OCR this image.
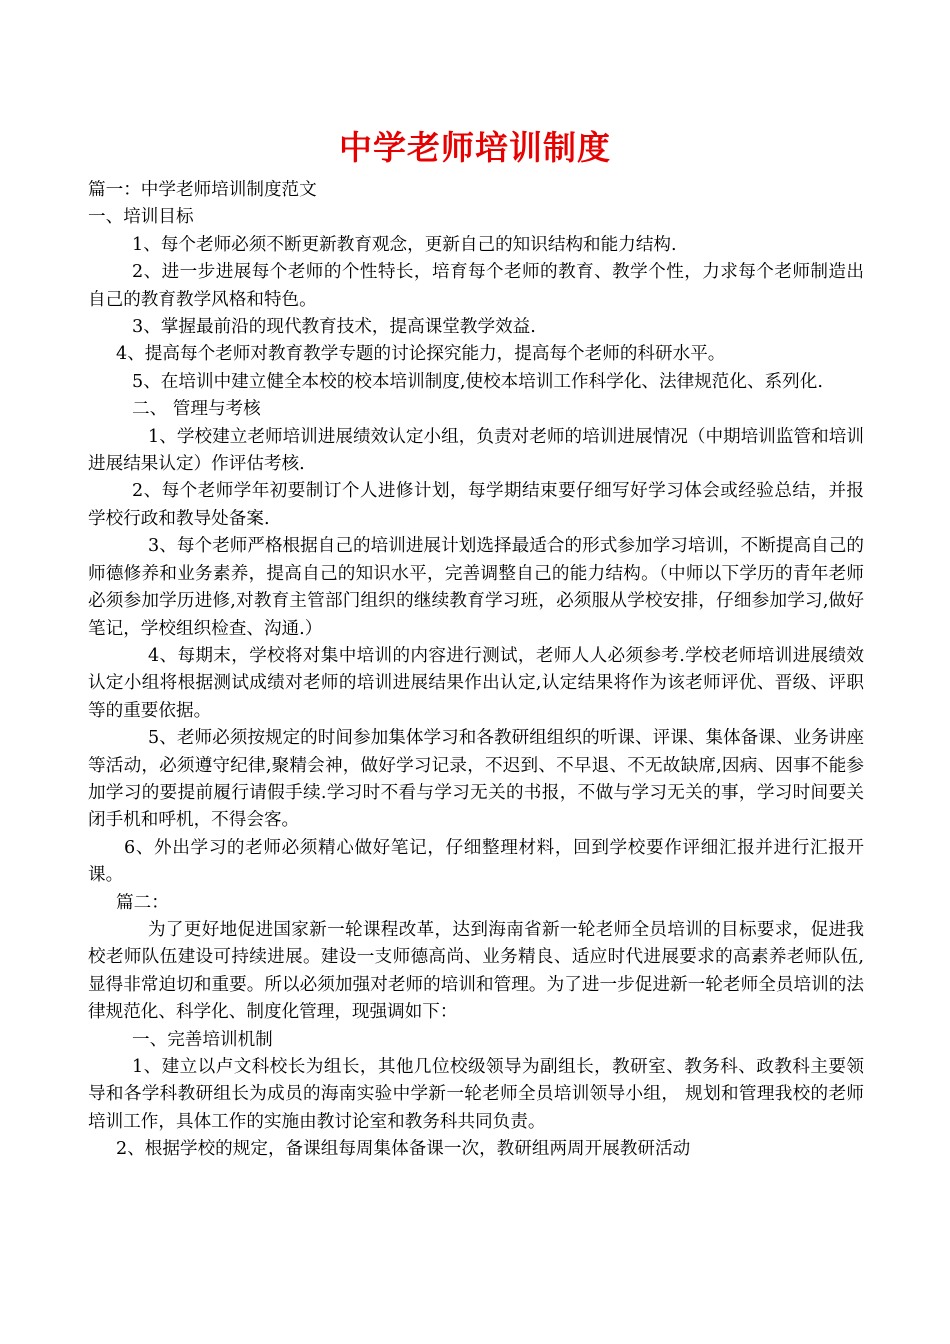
中学老师培训制度

篇一：中学老师培训制度范文

一、培训目标

1、每个老师必须不断更新教育观念，更新自己的知识结构和能力结构.

2、进一步进展每个老师的个性特长，培育每个老师的教育、教学个性，力求每个老师制造出自己的教育教学风格和特色。

3、掌握最前沿的现代教育技术，提高课堂教学效益.

4、提高每个老师对教育教学专题的讨论探究能力，提高每个老师的科研水平。

5、在培训中建立健全本校的校本培训制度,使校本培训工作科学化、法律规范化、系列化.

二、 管理与考核

1、学校建立老师培训进展绩效认定小组，负责对老师的培训进展情况（中期培训监管和培训进展结果认定）作评估考核.

2、每个老师学年初要制订个人进修计划，每学期结束要仔细写好学习体会或经验总结，并报学校行政和教导处备案.

3、每个老师严格根据自己的培训进展计划选择最适合的形式参加学习培训，不断提高自己的师德修养和业务素养，提高自己的知识水平，完善调整自己的能力结构。（中师以下学历的青年老师必须参加学历进修,对教育主管部门组织的继续教育学习班，必须服从学校安排，仔细参加学习,做好笔记，学校组织检查、沟通.）

4、每期末，学校将对集中培训的内容进行测试，老师人人必须参考.学校老师培训进展绩效认定小组将根据测试成绩对老师的培训进展结果作出认定,认定结果将作为该老师评优、晋级、评职等的重要依据。

5、老师必须按规定的时间参加集体学习和各教研组组织的听课、评课、集体备课、业务讲座等活动，必须遵守纪律,聚精会神，做好学习记录，不迟到、不早退、不无故缺席,因病、因事不能参加学习的要提前履行请假手续.学习时不看与学习无关的书报，不做与学习无关的事，学习时间要关闭手机和呼机，不得会客。

6、外出学习的老师必须精心做好笔记，仔细整理材料，回到学校要作评细汇报并进行汇报开课。

篇二：

为了更好地促进国家新一轮课程改革，达到海南省新一轮老师全员培训的目标要求，促进我校老师队伍建设可持续进展。建设一支师德高尚、业务精良、适应时代进展要求的高素养老师队伍,显得非常迫切和重要。所以必须加强对老师的培训和管理。为了进一步促进新一轮老师全员培训的法律规范化、科学化、制度化管理，现强调如下：

一、完善培训机制

1、建立以卢文科校长为组长，其他几位校级领导为副组长，教研室、教务科、政教科主要领导和各学科教研组长为成员的海南实验中学新一轮老师全员培训领导小组， 规划和管理我校的老师培训工作，具体工作的实施由教讨论室和教务科共同负责。

2、根据学校的规定，备课组每周集体备课一次，教研组两周开展教研活动
